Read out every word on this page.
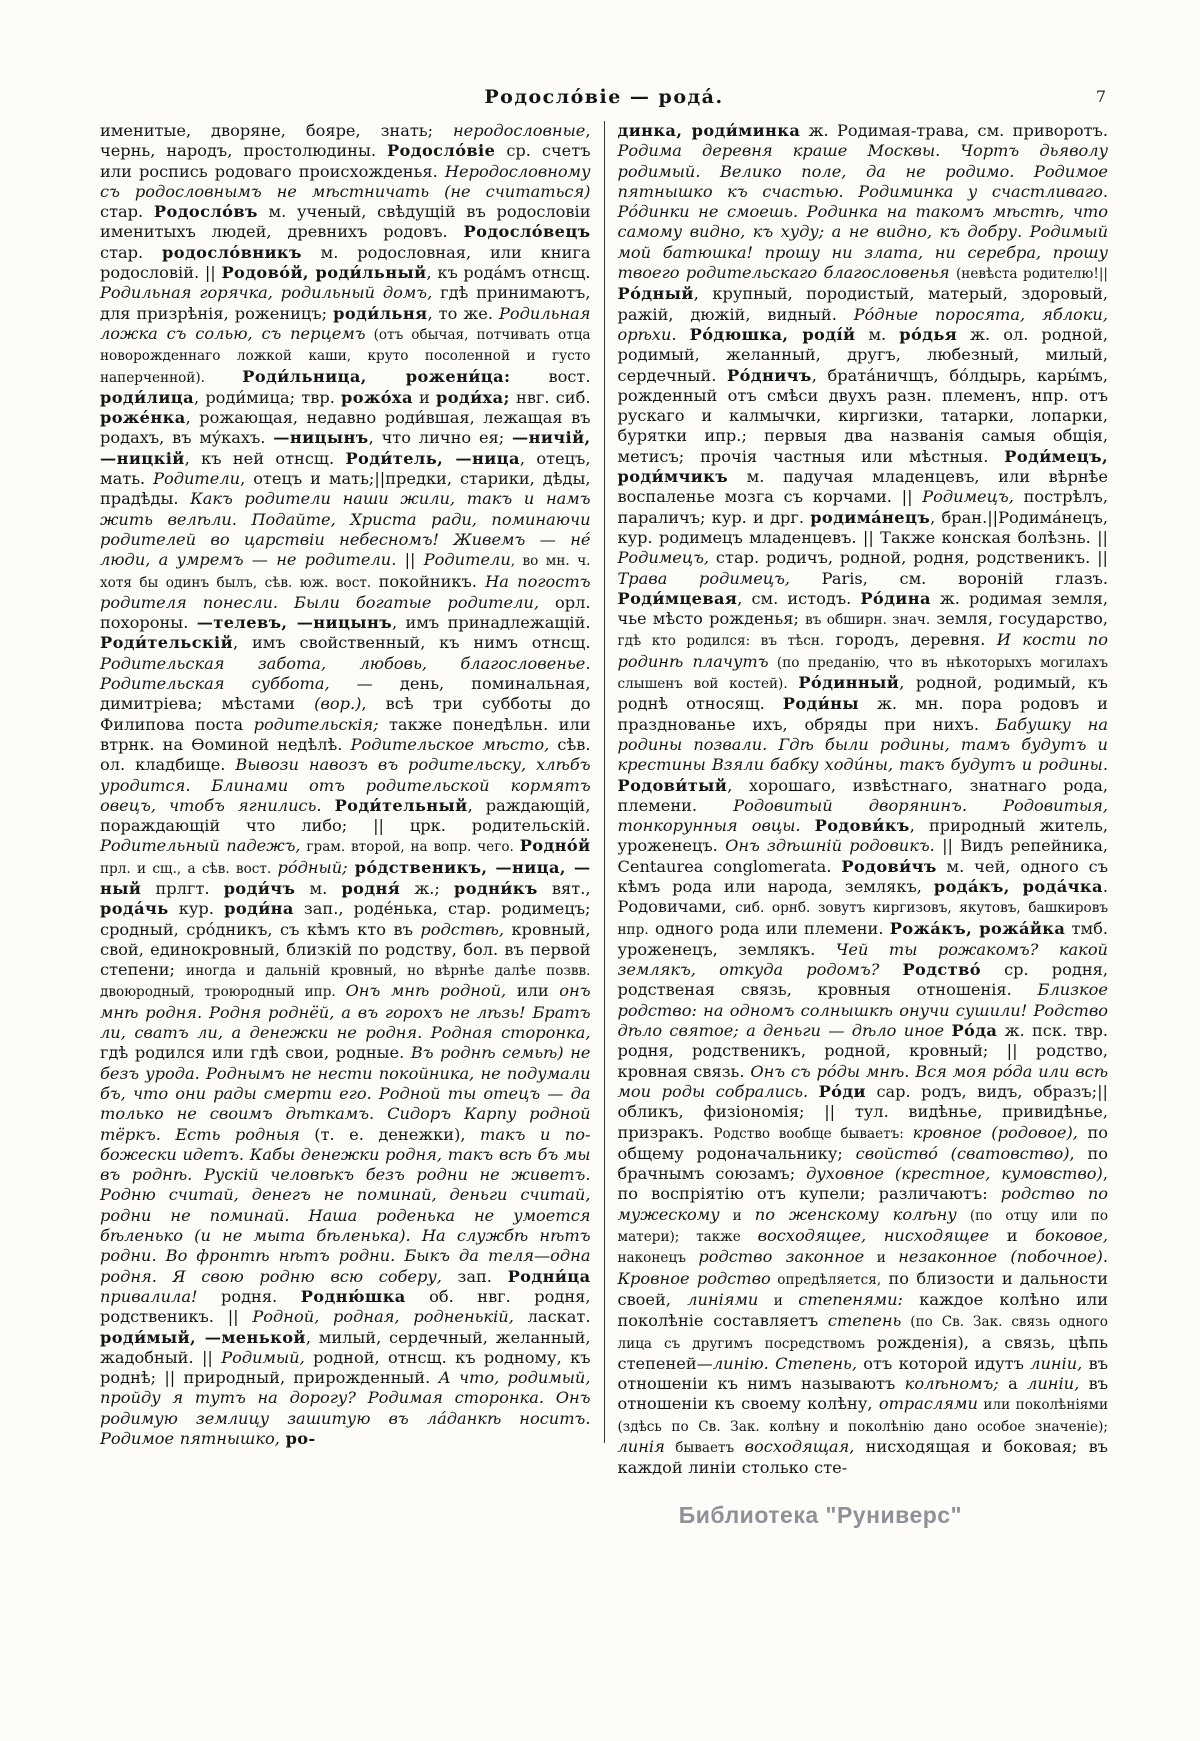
Родослóвіе — родá.	7
именитые, дворяне, бояре, знать; неродословные, чернь, народъ, простолюдины. Родослóвіе ср. счетъ или роспись родоваго происхожденья. Неродословному съ родословнымъ не мѣстничать (не считаться) стар. Родослóвъ м. ученый, свѣдущій въ родословіи именитыхъ людей, древнихъ родовъ. Родослóвецъ стар. родослóвникъ м. родословная, или книга родословій. || Родовóй, роди́льный, къ родáмъ отнсщ. Родильная горячка, родильный домъ, гдѣ принимаютъ, для призрѣнія, роженицъ; роди́льня, то же. Родильная ложка съ солью, съ перцемъ (отъ обычая, потчивать отца новорожденнаго ложкой каши, круто посоленной и густо наперченной). Роди́льница, рожени́ца: вост. роди́лица, роди́мица; твр. рожóха и роди́ха; нвг. сиб. рожéнка, рожающая, недавно роди́вшая, лежащая въ родахъ, въ мýкахъ. —ницынъ, что лично ея; —ничій, —ницкій, къ ней отнсщ. Роди́тель, —ница, отецъ, мать. Родители, отецъ и мать;||предки, старики, дѣды, прадѣды. Какъ родители наши жили, такъ и намъ жить велѣли. Подайте, Христа ради, поминаючи родителей во царствіи небесномъ! Живемъ — не́ люди, а умремъ — не родители. || Родители, во мн. ч. хотя бы одинъ былъ, сѣв. юж. вост. покойникъ. На погостъ родителя понесли. Были богатые родители, орл. похороны. —телевъ, —ницынъ, имъ принадлежащій. Роди́тельскій, имъ свойственный, къ нимъ отнсщ. Родительская забота, любовь, благословенье. Родительская суббота, — день, поминальная, димитріева; мѣстами (вор.), всѣ три субботы до Филипова поста родительскія; также понедѣльн. или втрнк. на Ѳоминой недѣлѣ. Родительское мѣсто, сѣв. ол. кладбище. Вывози навозъ въ родительску, хлѣбъ уродится. Блинами отъ родительской кормятъ овецъ, чтобъ ягнились. Роди́тельный, раждающій, пораждающій что либо; || црк. родительскій. Родительный падежъ, грам. второй, на вопр. чего. Роднóй прл. и сщ., а сѣв. вост. рóдный; рóдственикъ, —ница, —ный прлгт. роди́чъ м. родня́ ж.; родни́къ вят., родáчь кур. роди́на зап., роде́нька, стар. родимецъ; сродный, срóдникъ, съ кѣмъ кто въ родствѣ, кровный, свой, единокровный, близкій по родству, бол. въ первой степени; иногда и дальній кровный, но вѣрнѣе далѣе позвв. двоюродный, троюродный ипр. Онъ мнѣ родной, или онъ мнѣ родня. Родня роднёй, а въ горохъ не лѣзь! Братъ ли, сватъ ли, а денежки не родня. Родная сторонка, гдѣ родился или гдѣ свои, родные. Въ роднѣ семьѣ) не безъ урода. Роднымъ не нести покойника, не подумали бъ, что они рады смерти его. Родной ты отецъ — да только не своимъ дѣткамъ. Сидоръ Карпу родной тёркъ. Есть родныя (т. е. денежки), такъ и по-божески идетъ. Кабы денежки родня, такъ всѣ бъ мы въ роднѣ. Рускій человѣкъ безъ родни не живетъ. Родню считай, денегъ не поминай, деньги считай, родни не поминай. Наша роденька не умоется бѣленько (и не мыта бѣленька). На службѣ нѣтъ родни. Во фронтѣ нѣтъ родни. Быкъ да теля—одна родня. Я свою родню всю соберу, зап. Родни́ца привалила! родня. Родню́шка об. нвг. родня, родственикъ. || Родной, родная, родненькій, ласкат. роди́мый, —менькой, милый, сердечный, желанный, жадобный. || Родимый, родной, отнсщ. къ родному, къ роднѣ; || природный, прирожденный. А что, родимый, пройду я тутъ на дорогу? Родимая сторонка. Онъ родимую землицу зашитую въ лáданкѣ носитъ. Родимое пятнышко, ро-
динка, роди́минка ж. Родимая-трава, см. приворотъ. Родима деревня краше Москвы. Чортъ дьяволу родимый. Велико поле, да не родимо. Родимое пятнышко къ счастью. Родиминка у счастливаго. Рóдинки не смоешь. Родинка на такомъ мѣстѣ, что самому видно, къ худу; а не видно, къ добру. Родимый мой батюшка! прошу ни злата, ни серебра, прошу твоего родительскаго благословенья (невѣста родителю!|| Рóдный, крупный, породистый, матерый, здоровый, ражій, дюжій, видный. Рóдные поросята, яблоки, орѣхи. Рóдюшка, роді́й м. рóдья ж. ол. родной, родимый, желанный, другъ, любезный, милый, сердечный. Рóдничъ, братáничщъ, бóлдырь, кары́мъ, рожденный отъ смѣси двухъ разн. племенъ, нпр. отъ рускаго и калмычки, киргизки, татарки, лопарки, бурятки ипр.; первыя два названія самыя общія, метисъ; прочія частныя или мѣстныя. Роди́мецъ, роди́мчикъ м. падучая младенцевъ, или вѣрнѣе воспаленье мозга съ корчами. || Родимецъ, пострѣлъ, параличъ; кур. и дрг. родимáнецъ, бран.||Родимáнецъ, кур. родимецъ младенцевъ. || Также конская болѣзнь. || Родимецъ, стар. родичъ, родной, родня, родственикъ. || Трава родимецъ, Paris, см. вороній глазъ. Роди́мцевая, см. истодъ. Рóдина ж. родимая земля, чье мѣсто рожденья; въ обширн. знач. земля, государство, гдѣ кто родился: въ тѣсн. городъ, деревня. И кости по родинѣ плачутъ (по преданію, что въ нѣкоторыхъ могилахъ слышенъ вой костей). Рóдинный, родной, родимый, къ роднѣ относящ. Роди́ны ж. мн. пора родовъ и празднованье ихъ, обряды при нихъ. Бабушку на родины позвали. Гдѣ были родины, тамъ будутъ и крестины Взяли бабку ходи́ны, такъ будутъ и родины. Родови́тый, хорошаго, извѣстнаго, знатнаго рода, племени. Родовитый дворянинъ. Родовитыя, тонкорунныя овцы. Родови́къ, природный житель, уроженецъ. Онъ здѣшній родовикъ. || Видъ репейника, Centaurea conglomerata. Родови́чъ м. чей, одного съ кѣмъ рода или народа, землякъ, родáкъ, родáчка. Родовичами, сиб. орнб. зовутъ киргизовъ, якутовъ, башкировъ нпр. одного рода или племени. Рожáкъ, рожáйка тмб. уроженецъ, землякъ. Чей ты рожакомъ? какой землякъ, откуда родомъ? Родствó ср. родня, родственая связь, кровныя отношенія. Близкое родство: на одномъ солнышкѣ онучи сушили! Родство дѣло святое; а деньги — дѣло иное Рóда ж. пск. твр. родня, родственикъ, родной, кровный; || родство, кровная связь. Онъ съ рóды мнѣ. Вся моя рóда или всѣ мои роды собрались. Рóди сар. родъ, видъ, образъ;||обликъ, физіономія; || тул. видѣнье, привидѣнье, призракъ. Родство вообще бываетъ: кровное (родовое), по общему родоначальнику; свойствó (сватовство), по брачнымъ союзамъ; духовное (крестное, кумовство), по воспріятію отъ купели; различаютъ: родство по мужескому и по женскому колѣну (по отцу или по матери); также восходящее, нисходящее и боковое, наконецъ родство законное и незаконное (побочное). Кровное родство опредѣляется, по близости и дальности своей, линіями и степенями: каждое колѣно или поколѣніе составляетъ степень (по Св. Зак. связь одного лица съ другимъ посредствомъ рожденія), а связь, цѣпь степеней—линію. Степень, отъ которой идутъ линіи, въ отношеніи къ нимъ называютъ колѣномъ; а линіи, въ отношеніи къ своему колѣну, отраслями или поколѣніями (здѣсь по Св. Зак. колѣну и поколѣнію дано особое значеніе); линія бываетъ восходящая, нисходящая и боковая; въ каждой линіи столько сте-
Библиотека "Руниверс"
